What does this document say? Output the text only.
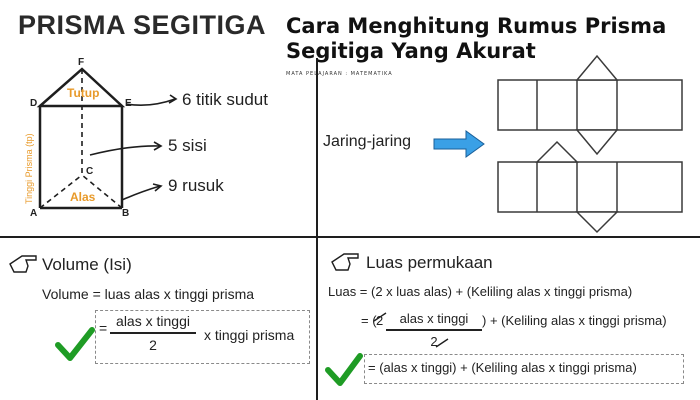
PRISMA SEGITIGA Cara Menghitung Rumus Prisma Segitiga Yang Akurat
MATA PELAJARAN : MATEMATIKA
F
D	E
C
A	B
Tutup
Alas
Tinggi Prisma (tp)
6 titik sudut
5 sisi
9 rusuk
Jaring-jaring
Volume (Isi)
Volume = luas alas x tinggi prisma
= alas x tinggi
2
x tinggi prisma
Luas permukaan
Luas = (2 x luas alas) + (Keliling alas x tinggi prisma)
= ( 2	alas x tinggi
2
) + (Keliling alas x tinggi prisma)
= (alas x tinggi) + (Keliling alas x tinggi prisma)
